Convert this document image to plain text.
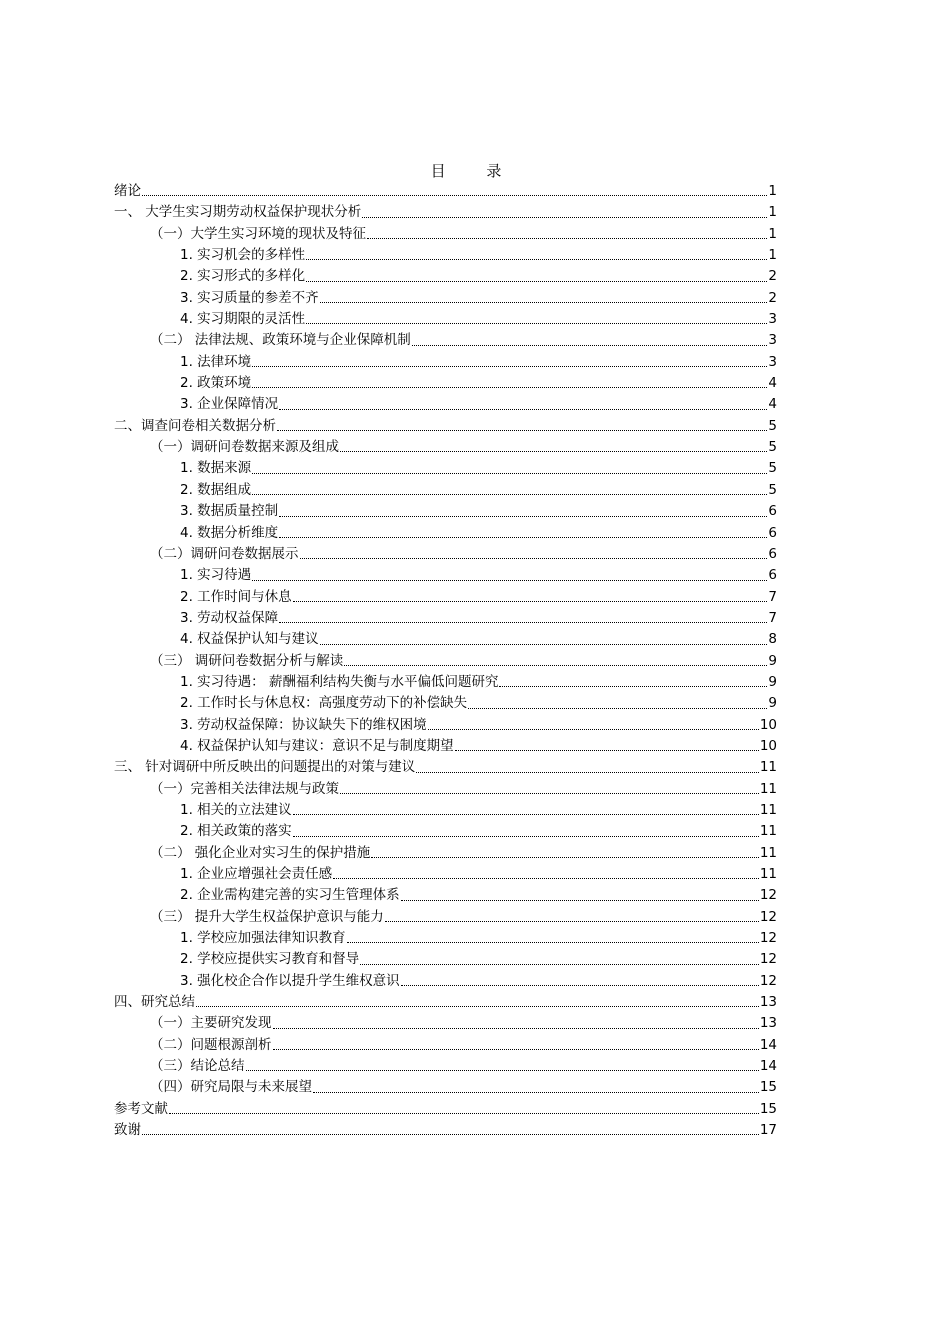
目 录
绪论	1
一、 大学生实习期劳动权益保护现状分析	1
（一）大学生实习环境的现状及特征	1
1. 实习机会的多样性	1
2. 实习形式的多样化	2
3. 实习质量的参差不齐	2
4. 实习期限的灵活性	3
（二） 法律法规、政策环境与企业保障机制	3
1. 法律环境	3
2. 政策环境	4
3. 企业保障情况	4
二、调查问卷相关数据分析	5
（一）调研问卷数据来源及组成	5
1. 数据来源	5
2. 数据组成	5
3. 数据质量控制	6
4. 数据分析维度	6
（二）调研问卷数据展示	6
1. 实习待遇	6
2. 工作时间与休息	7
3. 劳动权益保障	7
4. 权益保护认知与建议	8
（三） 调研问卷数据分析与解读	9
1. 实习待遇： 薪酬福利结构失衡与水平偏低问题研究	9
2. 工作时长与休息权：高强度劳动下的补偿缺失	9
3. 劳动权益保障：协议缺失下的维权困境	10
4. 权益保护认知与建议：意识不足与制度期望	10
三、 针对调研中所反映出的问题提出的对策与建议	11
（一）完善相关法律法规与政策	11
1. 相关的立法建议	11
2. 相关政策的落实	11
（二） 强化企业对实习生的保护措施	11
1. 企业应增强社会责任感	11
2. 企业需构建完善的实习生管理体系	12
（三） 提升大学生权益保护意识与能力	12
1. 学校应加强法律知识教育	12
2. 学校应提供实习教育和督导	12
3. 强化校企合作以提升学生维权意识	12
四、研究总结	13
（一）主要研究发现	13
（二）问题根源剖析	14
（三）结论总结	14
（四）研究局限与未来展望	15
参考文献	15
致谢	17
